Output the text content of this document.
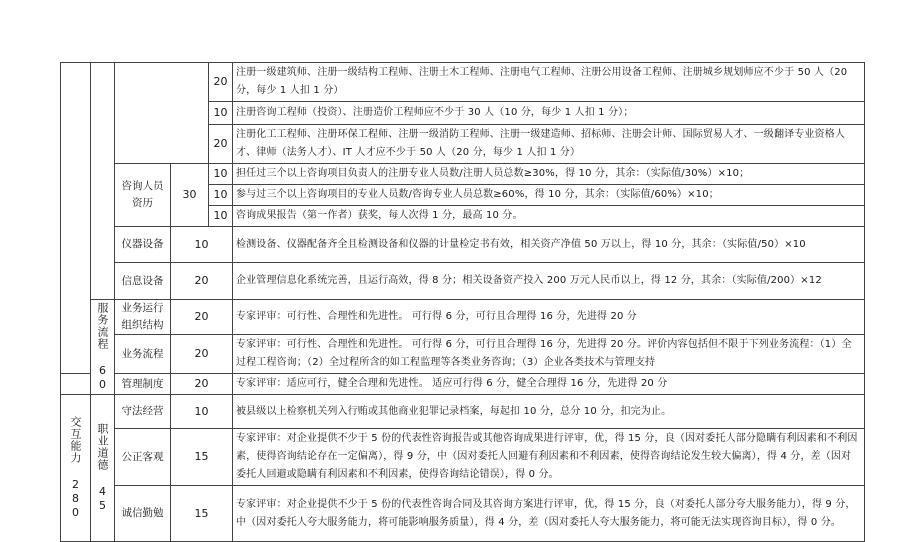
				20	注册一级建筑师、注册一级结构工程师、注册土木工程师、注册电气工程师、注册公用设备工程师、注册城乡规划师应不少于 50 人（20 分，每少 1 人扣 1 分）
				10	注册咨询工程师（投资）、注册造价工程师应不少于 30 人（10 分，每少 1 人扣 1 分）；
				20	注册化工工程师、注册环保工程师、注册一级消防工程师、注册一级建造师、招标师、注册会计师、国际贸易人才、一级翻译专业资格人才、律师（法务人才）、IT 人才应不少于 50 人（20 分，每少 1 人扣 1 分）
		咨询人员资历	30	10	担任过三个以上咨询项目负责人的注册专业人员数/注册人员总数≥30%，得 10 分，其余：（实际值/30%）×10；
				10	参与过三个以上咨询项目的专业人员数/咨询专业人员总数≥60%，得 10 分，其余：（实际值/60%）×10；
				10	咨询成果报告（第一作者）获奖，每人次得 1 分，最高 10 分。
		仪器设备	10		检测设备、仪器配备齐全且检测设备和仪器的计量检定书有效，相关资产净值 50 万以上，得 10 分，其余：（实际值/50）×10
		信息设备	20		企业管理信息化系统完善，且运行高效，得 8 分；相关设备资产投入 200 万元人民币以上，得 12 分，其余：（实际值/200）×12

	服务流程 60	业务运行组织结构	20		专家评审：可行性、合理性和先进性。 可行得 6 分，可行且合理得 16 分，先进得 20 分
		业务流程	20		专家评审：可行性、合理性和先进性。 可行得 6 分，可行且合理得 16 分，先进得 20 分。评价内容包括但不限于下列业务流程：（1）全过程工程咨询；（2）全过程所含的如工程监理等各类业务咨询；（3）企业各类技术与管理支持
		管理制度	20		专家评审：适应可行，健全合理和先进性。 适应可行得 6 分，健全合理得 16 分，先进得 20 分

交互能力 280	职业道德 45	守法经营	10		被县级以上检察机关列入行贿或其他商业犯罪记录档案，每起扣 10 分，总分 10 分，扣完为止。
		公正客观	15		专家评审：对企业提供不少于 5 份的代表性咨询报告或其他咨询成果进行评审，优，得 15 分，良（因对委托人部分隐瞒有利因素和不利因素，使得咨询结论存在一定偏离），得 9 分，中（因对委托人回避有利因素和不利因素，使得咨询结论发生较大偏离），得 4 分，差（因对委托人回避或隐瞒有利因素和不利因素，使得咨询结论错误），得 0 分。
		诚信勤勉	15		专家评审：对企业提供不少于 5 份的代表性咨询合同及其咨询方案进行评审，优，得 15 分，良（对委托人部分夸大服务能力），得 9 分，中（因对委托人夸大服务能力，将可能影响服务质量），得 4 分，差（因对委托人夸大服务能力，将可能无法实现咨询目标），得 0 分。
